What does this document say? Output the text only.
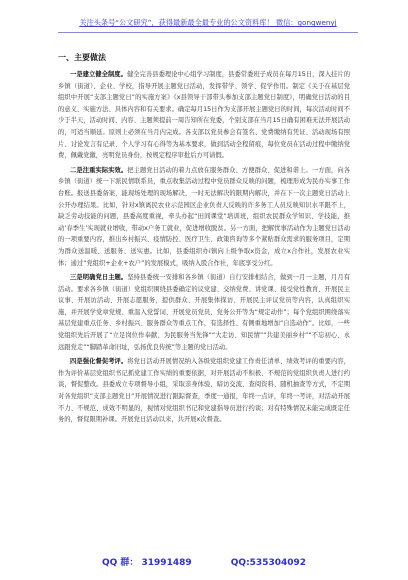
关注头条号“公文研究”，获得最新最全最专业的公文资料库！ 微信：gongwenyj
一、主要做法

一是建立健全制度。健全完善县委理论中心组学习制度，县委常委班子成员在每月15日，深入挂片的乡镇（街道）、企业、学校，指导开展主题党日活动，发挥带学、领学、促学作用。制定《关于在基层党组织中开展“支部主题党日”的实施方案》《x县领导干部带头参加支部主题党日制度》，明确党日活动的目的意义、实施方法、具体内容和有关要求。确定每月15日作为支部开展主题党日的时间，每次活动时间不少于半天，活动时间、内容、主题须提前一周告知所在党委，个别支部在当月15日确有困难无法开展活动的，可适当顺延。原则上必须在当月内完成。各支部以党员参会有签名、党费缴纳有凭证、活动现场有照片、讨论发言有记录、个人学习有心得等为基本要求，做到活动全程留痕，每位党员在活动过程中缴纳党费，佩戴党徽，亮明党员身份，按规定程序审批后方可请假。

二是注重实际实效。把主题党日活动的着力点放在服务群众、方便群众、促进和谐上。一方面，向各乡镇（街道）统一下派民情联系员，重点收集活动过程中党员群众反映的问题，梳理形成为民办实事工作台账。报送县委备案，能现场处理的现场解决，一时无法解决的限期内解决，并在下一次主题党日活动上公开办理结果。比如，针对x镇离民农业示范园区企业负责人反映的许多务工人员反映知识水平跟不上，缺乏劳动技能的问题，县委高度重视，牵头办起“田间课堂”培训班，组织农民群众学知识、学技能，推动‘春季生’实现就业增收，带动x户务工就业，促进增收脱贫。另一方面，把解忧事活动作为主题党日活动的一项重要内容，推出乡村振兴、疫情防控、医疗卫生、政策咨询等多个紧贴群众需求的服务项目，定期为群众送温暖、送服务、送实惠。比如，县委组织办i镇向上级争取x资金，成立x合作社，发展农业实体；通过“党组织+企业+农户”的发展模式，吸纳入股合作社，年底享受分红。

三是明确党日主题。坚持县委统一安排和各乡镇（街道）自行安排相结合，做到一月一主题，月月有活动。要求各乡镇（街道）党组织围绕县委确定的议党建、交纳党费、讲党课、接受党性教育、开展民主议事、开展访活动、开展志愿服务，提供群众、开展集体探访、开展民主评议党员等内容，认真组织实施，并开展学党章党规、重温入党誓词、开展党员党员、党务公开等为“规定动作”；每个党组织围绕落实基层党建重点任务、乡村振兴、服务群众等重点工作，有选择性、有侧重地增加“自选动作”。比如，一些党组织先后开展了“立足岗位作奉献、为民服务当先锋”“大走访、知民情”“共建美丽乡村”“不忘初心、永远跟党走”“脚踏革命旧址，弘扬优良传统”等主题的党日活动。

四是强化督促考评。将党日活动开展情况纳入各级党组织党建工作责任清单、绩效考评的重要内容，作为评价基层党组织书记抓党建工作实绩的重要依据，对开展活动不积极、不规范的党组织负责人进行约谈，督促整改。县委成立专项督导小组，采取亲身体验、暗访交流、查阅资料、随机抽查等方式，不定期对各党组织“支部主题党日”开展情况进行跟踪督查，季度一通报，年终一点评，年终一考评，对活动开展不力、不规范、成效不明显的，视情对党组织书记和党建指导员进行约谈；对有特殊情况未能完成既定任务的，督促限期补课。开展党日活动以来，共开展x次督查。

QQ 群： 31991489	QQ:535304092
